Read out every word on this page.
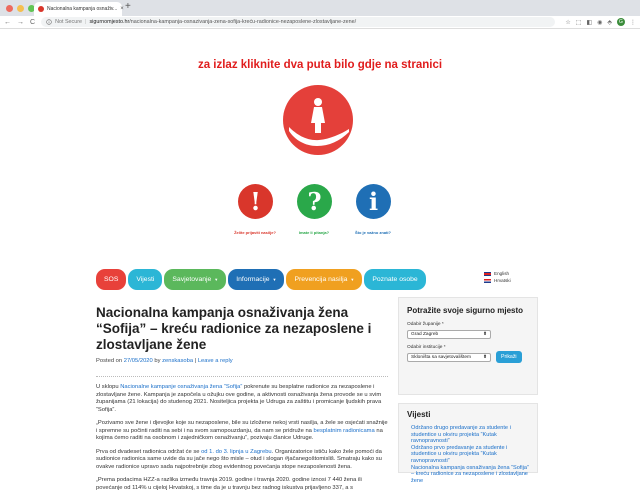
Nacionalna kampanja osnaživ... × +
← → C	Not Secure | sigurnomjesto.hr/nacionalna-kampanja-osnazivanja-zena-sofija-kreću-radionice-nezaposlene-zlostavljane-zene/	☆ ⬚ ◧ ◉ ⬘	G	⋮
za izlaz kliknite dva puta bilo gdje na stranici
!
Želite prijaviti nasilje?
?
Imate li pitanja?
i
Što je važno znati?
SOS	Vijesti	Savjetovanje ▼	Informacije ▼	Prevencija nasilja ▼	Poznate osobe
English
Hrvatski
Nacionalna kampanja osnaživanja žena “Sofija” – kreću radionice za nezaposlene i zlostavljane žene
Posted on 27/05/2020 by zenskasoba | Leave a reply

U sklopu Nacionalne kampanje osnaživanja žena “Sofija” pokrenute su besplatne radionice za nezaposlene i zlostavljane žene. Kampanja je započela u ožujku ove godine, a aktivnosti osnaživanja žena provode se u svim županijama (21 lokacija) do studenog 2021. Nositeljica projekta je Udruga za zaštitu i promicanje ljudskih prava “Sofija”.

„Pozivamo sve žene i djevojke koje su nezaposlene, bile su izložene nekoj vrsti nasilja, a žele se osjećati snažnije i spremne su počinti raditi na sebi i na svom samopouzdanju, da nam se pridruže na besplatnim radionicama na kojima ćemo raditi na osobnom i zajedničkom osnaživanju”, pozivaju članice Udruge.

Prva od dvadeset radionica održat će se od 1. do 3. lipnja u Zagrebu. Organizatorice ističu kako žele pomoći da sudionice radionica same uvide da su jače nego što misle – otud i slogan #jačanegoštomisliš. Smatraju kako su ovakve radionice upravo sada najpotrebnije zbog evidentnog povećanja stope nezaposlenosti žena.

„Prema podacima HZZ-a razlika između travnja 2019. godine i travnja 2020. godine iznosi 7 440 žena ili povećanje od 114% u cijeloj Hrvatskoj, s time da je u travnju bez radnog iskustva prijavljeno 337, a s

Potražite svoje sigurno mjesto
Odabir županije *
Grad Zagreb	⬍
Odabir institucije *
Skloništa sa savjetovalištem ⬍	Prikaži
Vijesti
Održano drugo predavanje za studente i studentice u okviru projekta “Kutak ravnopravnosti”
Održano prvo predavanje za studente i studentice u okviru projekta “Kutak ravnopravnosti”
Nacionalna kampanja osnaživanja žena “Sofija” – kreću radionice za nezaposlene i zlostavljane žene
